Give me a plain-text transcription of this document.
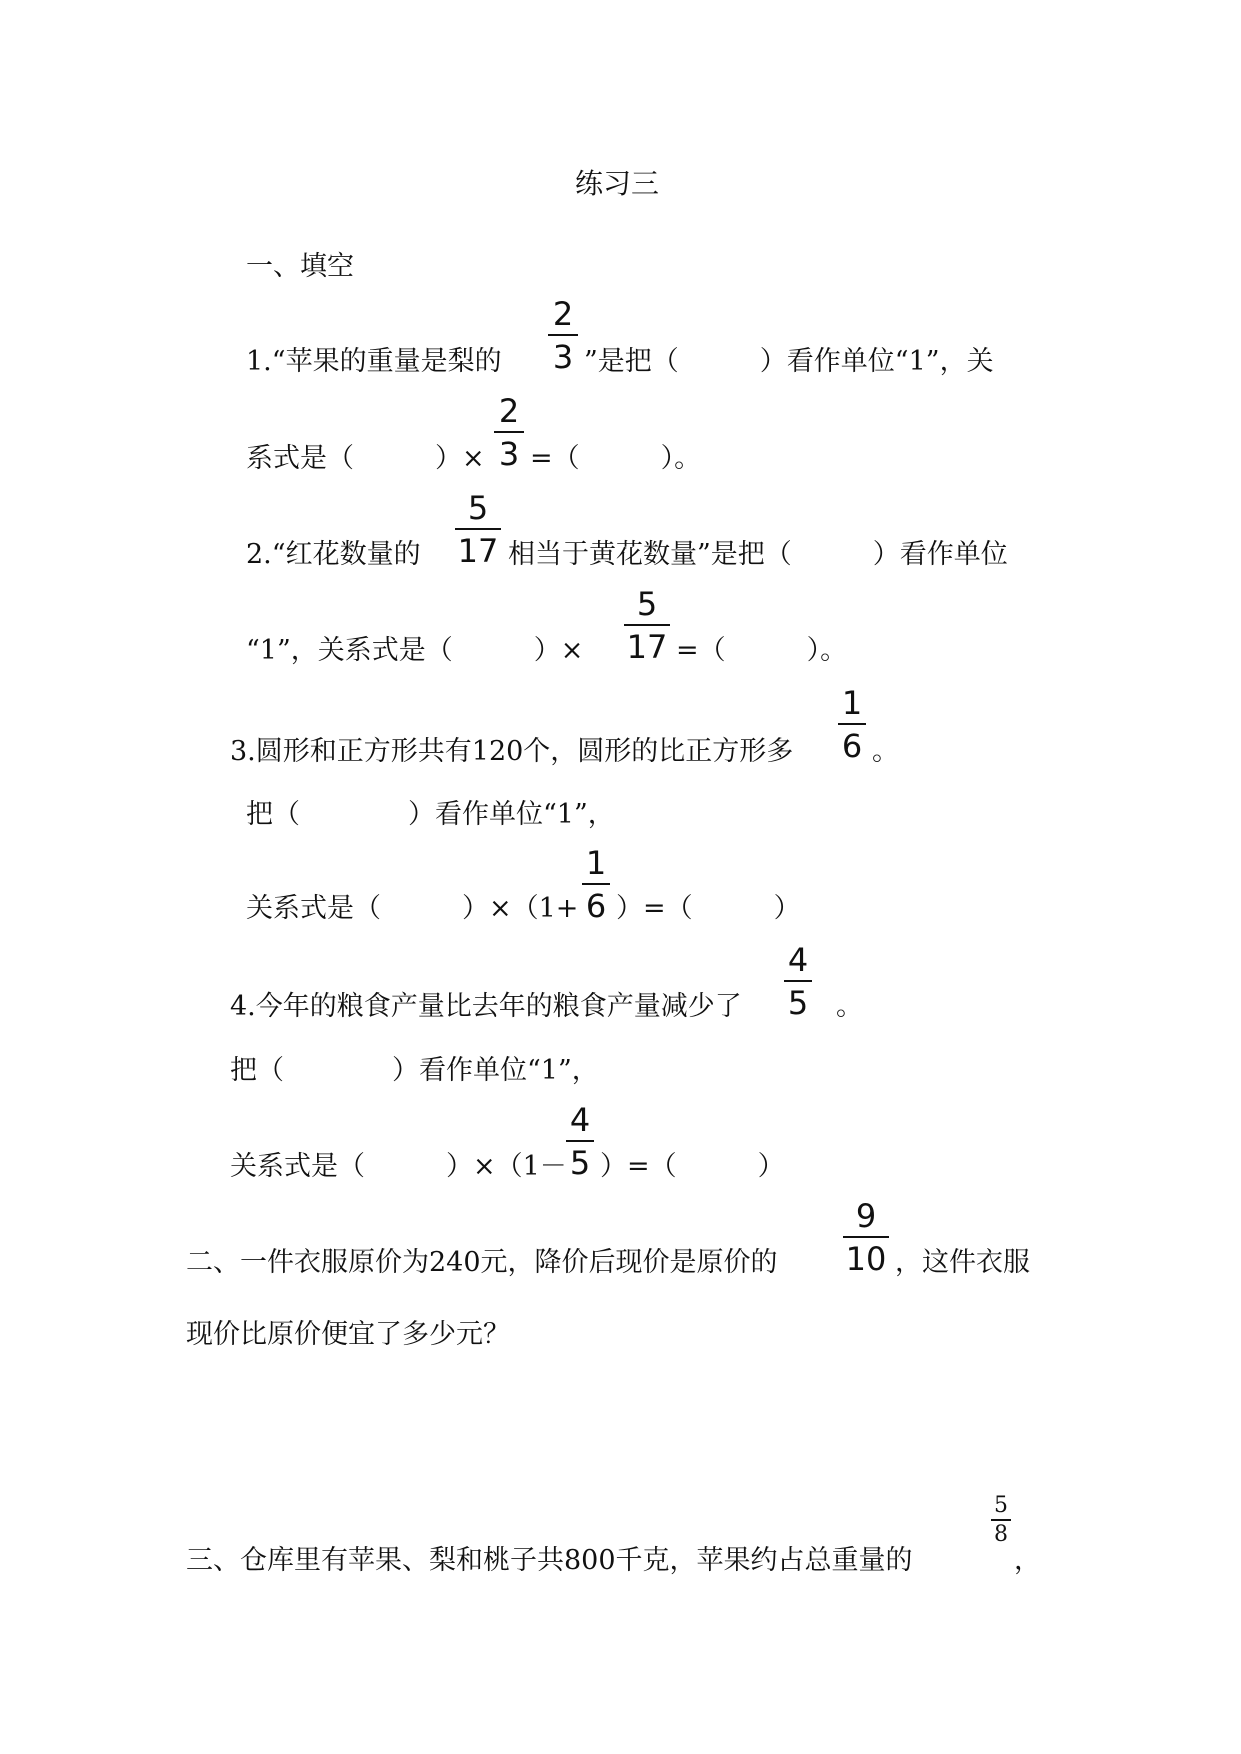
练习三
一、填空
1.“苹果的重量是梨的
2
3 ”是把（　　　）看作单位“1”，关
系式是（　　　）×
2
3 =（　　　）。
2.“红花数量的
5
17 相当于黄花数量”是把（　　　）看作单位
“1”，关系式是（　　　）×
5
17 =（　　　）。
3.圆形和正方形共有120个，圆形的比正方形多
1
6 。
把（　　　　）看作单位“1”，
关系式是（　　　）×（1+
1
6 ）=（　　　）
4.今年的粮食产量比去年的粮食产量减少了
4
5 。
把（　　　　）看作单位“1”，
关系式是（　　　）×（1－
4
5 ）=（　　　）
二、一件衣服原价为240元，降价后现价是原价的
9
10 ，这件衣服
现价比原价便宜了多少元？
三、仓库里有苹果、梨和桃子共800千克，苹果约占总重量的
5
8
，
